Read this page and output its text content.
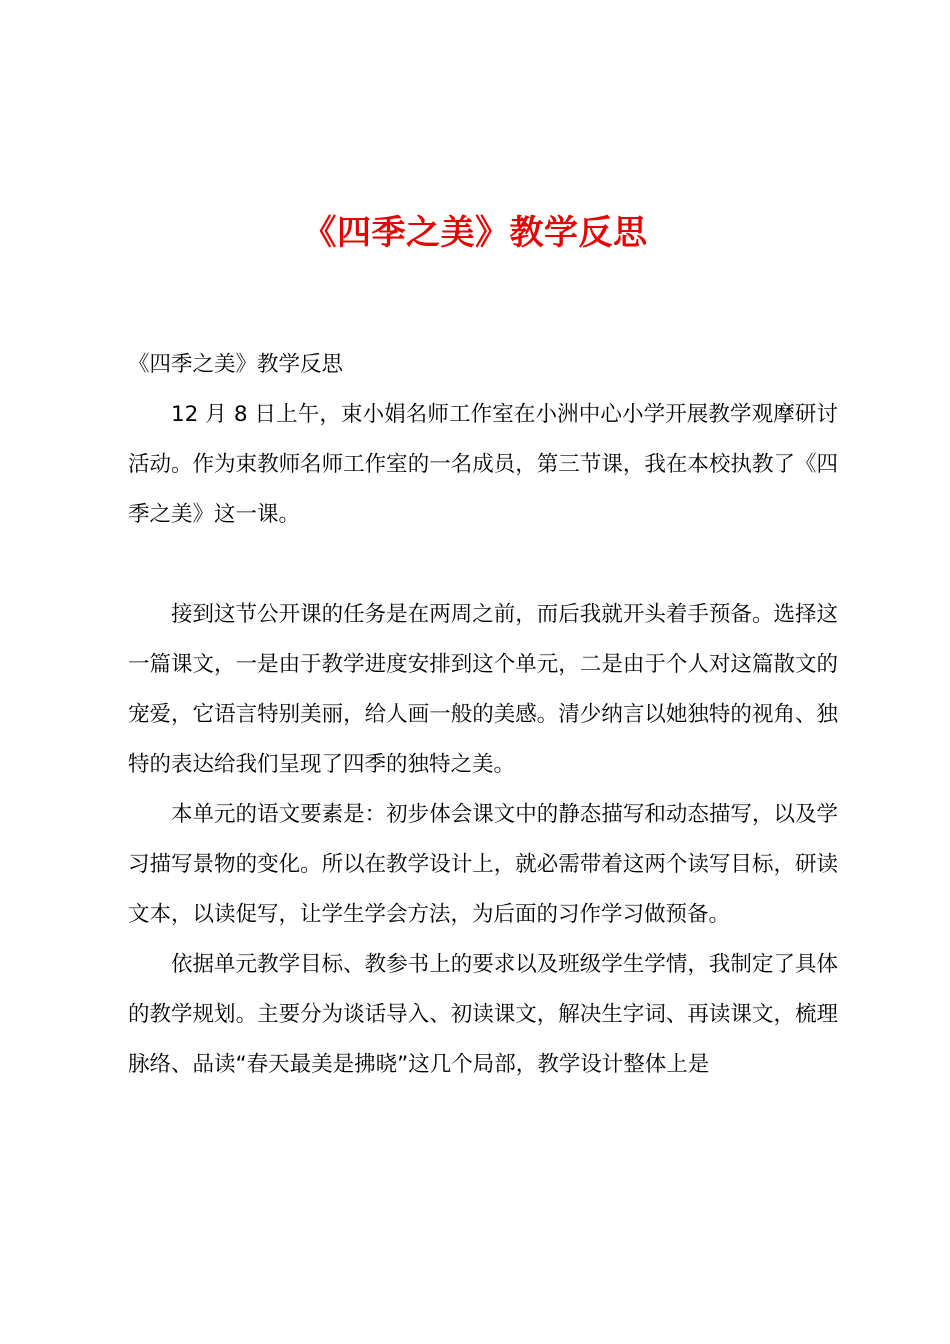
《四季之美》教学反思

《四季之美》教学反思

12 月 8 日上午，束小娟名师工作室在小洲中心小学开展教学观摩研讨活动。作为束教师名师工作室的一名成员，第三节课，我在本校执教了《四季之美》这一课。

接到这节公开课的任务是在两周之前，而后我就开头着手预备。选择这一篇课文，一是由于教学进度安排到这个单元，二是由于个人对这篇散文的宠爱，它语言特别美丽，给人画一般的美感。清少纳言以她独特的视角、独特的表达给我们呈现了四季的独特之美。

本单元的语文要素是：初步体会课文中的静态描写和动态描写，以及学习描写景物的变化。所以在教学设计上，就必需带着这两个读写目标，研读文本，以读促写，让学生学会方法，为后面的习作学习做预备。

依据单元教学目标、教参书上的要求以及班级学生学情，我制定了具体的教学规划。主要分为谈话导入、初读课文，解决生字词、再读课文，梳理脉络、品读“春天最美是拂晓”这几个局部，教学设计整体上是
